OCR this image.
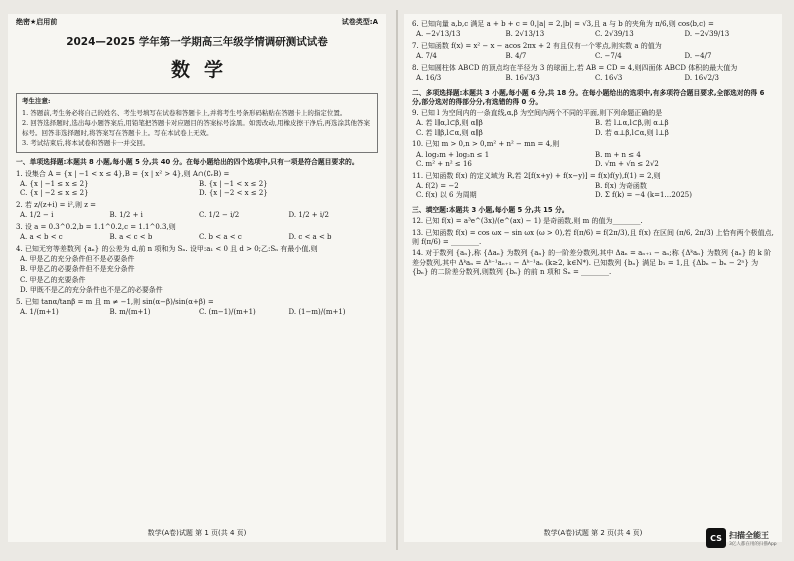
绝密★启用前	试卷类型:A
2024—2025 学年第一学期高三年级学情调研测试试卷
数学
考生注意:

1. 答题前,考生务必将自己的姓名、考生号填写在试卷和答题卡上,并将考生号条形码粘贴在答题卡上的指定位置。

2. 回答选择题时,选出每小题答案后,用铅笔把答题卡对应题目的答案标号涂黑。如需改动,用橡皮擦干净后,再选涂其他答案标号。回答非选择题时,将答案写在答题卡上。写在本试卷上无效。

3. 考试结束后,将本试卷和答题卡一并交回。

一、单项选择题:本题共 8 小题,每小题 5 分,共 40 分。在每小题给出的四个选项中,只有一项是符合题目要求的。
1. 设集合 A = {x | −1 < x ≤ 4},B = {x | x² > 4},则 A∩(∁ᵣB) =
A. {x | −1 ≤ x ≤ 2}	B. {x | −1 < x ≤ 2}
C. {x | −2 ≤ x ≤ 2}	D. {x | −2 < x ≤ 2}
2. 若 z/(z+i) = i²,则 z =
A. 1/2 − i	B. 1/2 + i	C. 1/2 − i/2	D. 1/2 + i/2
3. 设 a = 0.3^0.2,b = 1.1^0.2,c = 1.1^0.3,则
A. a < b < c	B. a < c < b	C. b < a < c	D. c < a < b
4. 已知无穷等差数列 {aₙ} 的公差为 d,前 n 项和为 Sₙ. 设甲:a₁ < 0 且 d > 0;乙:Sₙ 有最小值,则
A. 甲是乙的充分条件但不是必要条件
B. 甲是乙的必要条件但不是充分条件
C. 甲是乙的充要条件
D. 甲既不是乙的充分条件也不是乙的必要条件
5. 已知 tanα/tanβ = m 且 m ≠ −1,则 sin(α−β)/sin(α+β) =
A. 1/(m+1)	B. m/(m+1)	C. (m−1)/(m+1)	D. (1−m)/(m+1)
数学(A卷)试题 第 1 页(共 4 页)
6. 已知向量 a,b,c 满足 a + b + c = 0,|a| = 2,|b| = √3,且 a 与 b 的夹角为 π/6,则 cos⟨b,c⟩ =
A. −2√13/13	B. 2√13/13	C. 2√39/13	D. −2√39/13
7. 已知函数 f(x) = x² − x − acos 2πx + 2 有且仅有一个零点,则实数 a 的值为
A. 7/4	B. 4/7	C. −7/4	D. −4/7
8. 已知圆柱体 ABCD 的顶点均在半径为 3 的球面上,若 AB = CD = 4,则四面体 ABCD 体积的最大值为
A. 16/3	B. 16√3/3	C. 16√3	D. 16√2/3
二、多项选择题:本题共 3 小题,每小题 6 分,共 18 分。在每小题给出的选项中,有多项符合题目要求,全部选对的得 6 分,部分选对的得部分分,有选错的得 0 分。
9. 已知 l 为空间内的一条直线,α,β 为空间内两个不同的平面,则下列命题正确的是
A. 若 l∥α,l⊂β,则 α∥β	B. 若 l⊥α,l⊂β,则 α⊥β
C. 若 l∥β,l⊂α,则 α∥β	D. 若 α⊥β,l⊂α,则 l⊥β
10. 已知 m > 0,n > 0,m² + n² − mn = 4,则
A. log₂m + log₂n ≤ 1	B. m + n ≤ 4
C. m² + n² ≤ 16	D. √m + √n ≤ 2√2
11. 已知函数 f(x) 的定义域为 R,若 2[f(x+y) + f(x−y)] = f(x)f(y),f(1) = 2,则
A. f(2) = −2	B. f(x) 为奇函数
C. f(x) 以 6 为周期	D. Σ f(k) = −4 (k=1…2025)
三、填空题:本题共 3 小题,每小题 5 分,共 15 分。
12. 已知 f(x) = a³e^(3x)/(e^(ax) − 1) 是奇函数,则 m 的值为________.
13. 已知函数 f(x) = cos ωx − sin ωx (ω > 0),若 f(π/6) = f(2π/3),且 f(x) 在区间 (π/6, 2π/3) 上恰有两个极值点,则 f(π/6) = ________.
14. 对于数列 {aₙ},称 {Δaₙ} 为数列 {aₙ} 的一阶差分数列,其中 Δaₙ = aₙ₊₁ − aₙ;称 {Δᵏaₙ} 为数列 {aₙ} 的 k 阶差分数列,其中 Δᵏaₙ = Δᵏ⁻¹aₙ₊₁ − Δᵏ⁻¹aₙ (k≥2, k∈N*). 已知数列 {bₙ} 满足 b₁ = 1,且 {Δbₙ − bₙ − 2ⁿ} 为 {bₙ} 的二阶差分数列,则数列 {bₙ} 的前 n 项和 Sₙ = ________.
数学(A卷)试题 第 2 页(共 4 页)
CS 扫描全能王
3亿人都在用的扫描App
